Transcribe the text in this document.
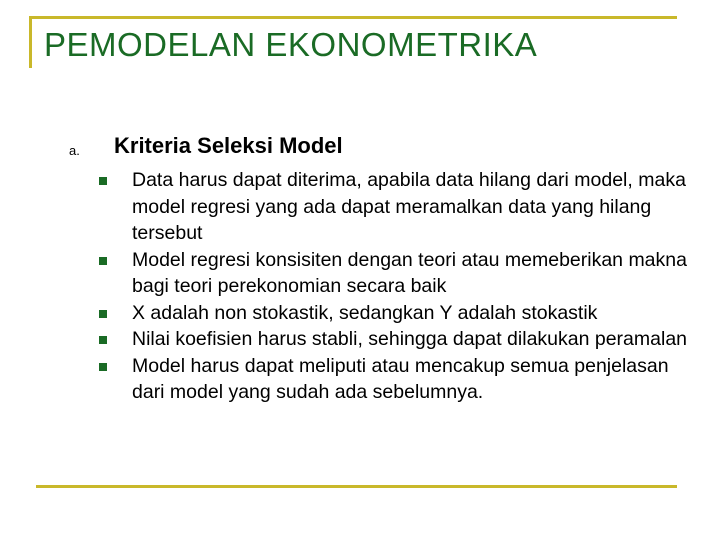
PEMODELAN EKONOMETRIKA
a. Kriteria Seleksi Model
Data harus dapat diterima, apabila data hilang dari model, maka model regresi yang ada dapat meramalkan data yang hilang tersebut
Model regresi konsisiten dengan teori atau memeberikan makna bagi teori perekonomian secara baik
X adalah non stokastik, sedangkan Y adalah stokastik
Nilai koefisien harus stabli, sehingga dapat dilakukan peramalan
Model harus dapat meliputi atau mencakup semua penjelasan dari model yang sudah ada sebelumnya.
